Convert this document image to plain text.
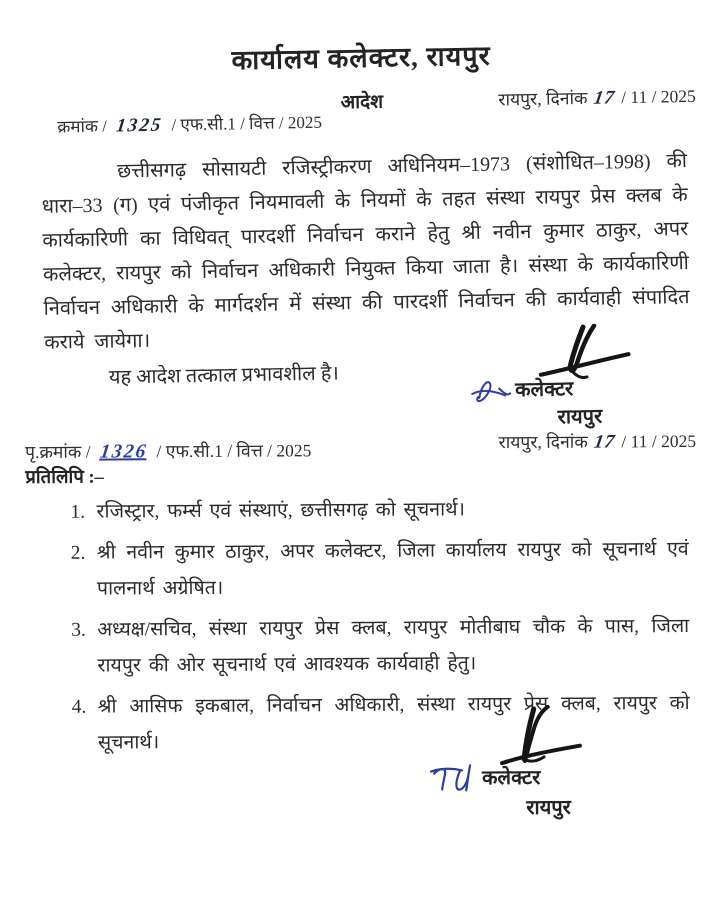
कार्यालय कलेक्टर, रायपुर
आदेश	रायपुर, दिनांक 17 / 11 / 2025
क्रमांक / 1325 / एफ.सी.1 / वित्त / 2025

छत्तीसगढ़ सोसायटी रजिस्ट्रीकरण अधिनियम–1973 (संशोधित–1998) की धारा–33 (ग) एवं पंजीकृत नियमावली के नियमों के तहत संस्था रायपुर प्रेस क्लब के कार्यकारिणी का विधिवत् पारदर्शी निर्वाचन कराने हेतु श्री नवीन कुमार ठाकुर, अपर कलेक्टर, रायपुर को निर्वाचन अधिकारी नियुक्त किया जाता है। संस्था के कार्यकारिणी निर्वाचन अधिकारी के मार्गदर्शन में संस्था की पारदर्शी निर्वाचन की कार्यवाही संपादित कराये जायेगा।

यह आदेश तत्काल प्रभावशील है।
कलेक्टर
रायपुर
पृ.क्रमांक / 1326 / एफ.सी.1 / वित्त / 2025	रायपुर, दिनांक 17 / 11 / 2025
प्रतिलिपि :–
1. रजिस्ट्रार, फर्म्स एवं संस्थाएं, छत्तीसगढ़ को सूचनार्थ।
2. श्री नवीन कुमार ठाकुर, अपर कलेक्टर, जिला कार्यालय रायपुर को सूचनार्थ एवं पालनार्थ अग्रेषित।
3. अध्यक्ष/सचिव, संस्था रायपुर प्रेस क्लब, रायपुर मोतीबाघ चौक के पास, जिला रायपुर की ओर सूचनार्थ एवं आवश्यक कार्यवाही हेतु।
4. श्री आसिफ इकबाल, निर्वाचन अधिकारी, संस्था रायपुर प्रेस क्लब, रायपुर को सूचनार्थ।
कलेक्टर
रायपुर
